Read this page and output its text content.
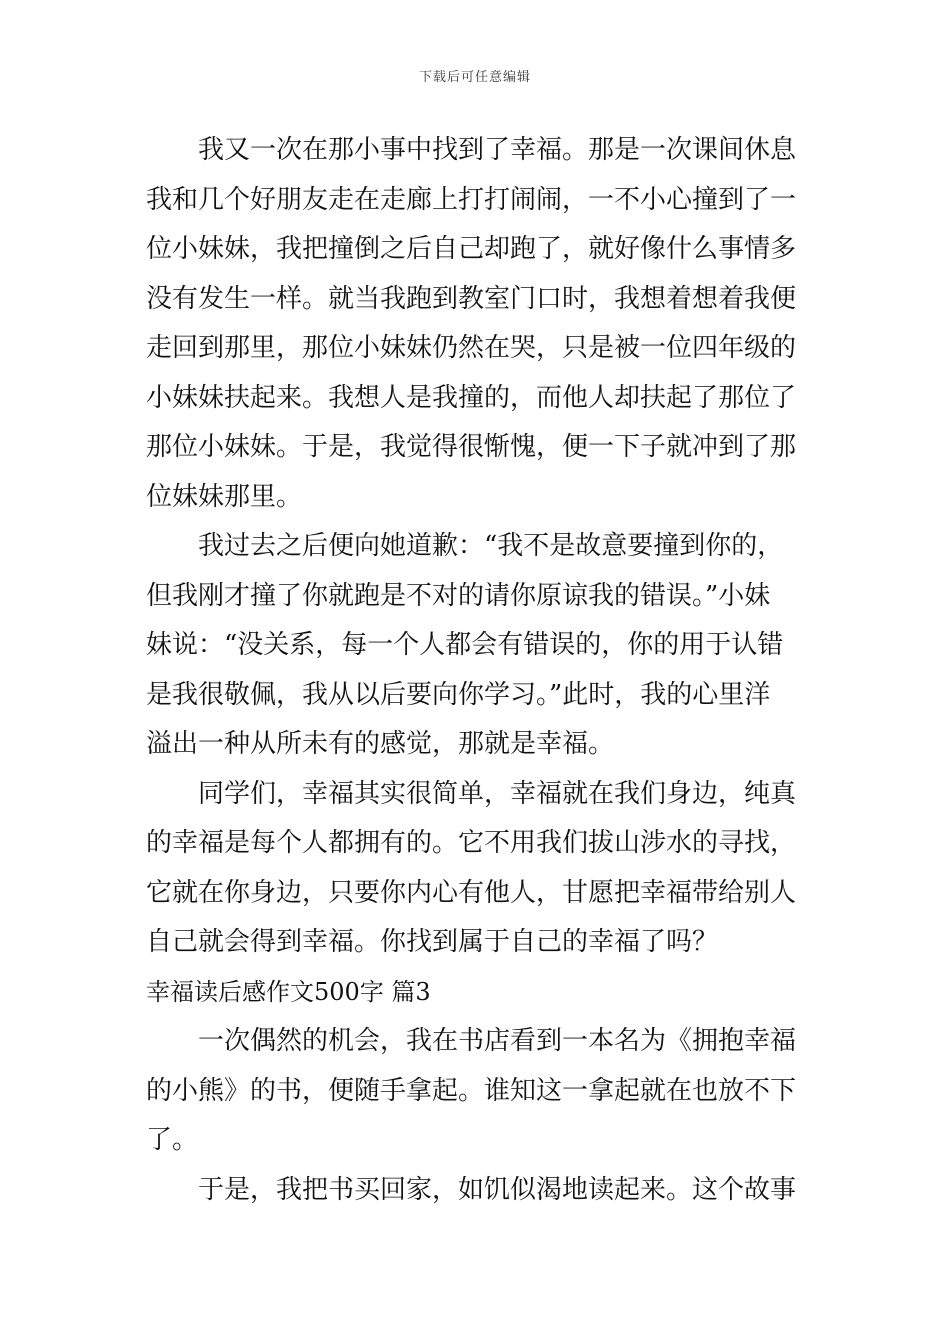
下载后可任意编辑

我又一次在那小事中找到了幸福。那是一次课间休息
我和几个好朋友走在走廊上打打闹闹，一不小心撞到了一
位小妹妹，我把撞倒之后自己却跑了，就好像什么事情多
没有发生一样。就当我跑到教室门口时，我想着想着我便
走回到那里，那位小妹妹仍然在哭，只是被一位四年级的
小妹妹扶起来。我想人是我撞的，而他人却扶起了那位了
那位小妹妹。于是，我觉得很惭愧，便一下子就冲到了那
位妹妹那里。

我过去之后便向她道歉：“我不是故意要撞到你的，
但我刚才撞了你就跑是不对的请你原谅我的错误。”小妹
妹说：“没关系，每一个人都会有错误的，你的用于认错
是我很敬佩，我从以后要向你学习。”此时，我的心里洋
溢出一种从所未有的感觉，那就是幸福。

同学们，幸福其实很简单，幸福就在我们身边，纯真
的幸福是每个人都拥有的。它不用我们拔山涉水的寻找，
它就在你身边，只要你内心有他人，甘愿把幸福带给别人
自己就会得到幸福。你找到属于自己的幸福了吗？

幸福读后感作文500字 篇3

一次偶然的机会，我在书店看到一本名为《拥抱幸福
的小熊》的书，便随手拿起。谁知这一拿起就在也放不下
了。

于是，我把书买回家，如饥似渴地读起来。这个故事
